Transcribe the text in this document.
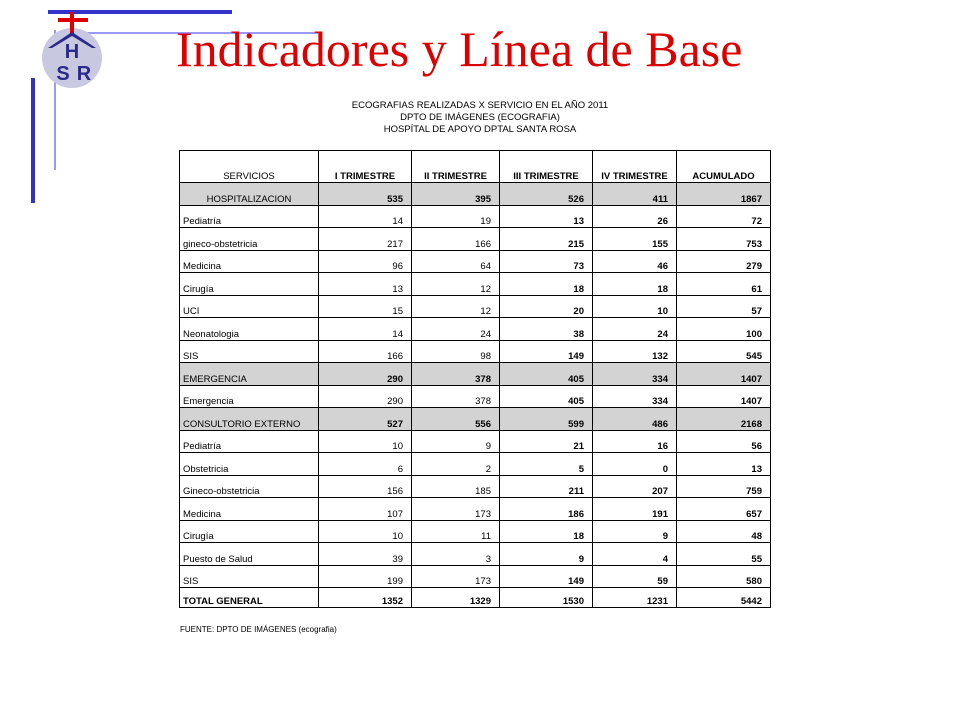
H
S R Indicadores y Línea de Base
ECOGRAFIAS REALIZADAS X SERVICIO EN EL AÑO 2011
DPTO DE IMÁGENES (ECOGRAFIA)
HOSPÍTAL DE APOYO DPTAL SANTA ROSA
SERVICIOS	I TRIMESTRE	II TRIMESTRE	III TRIMESTRE	IV TRIMESTRE	ACUMULADO
HOSPITALIZACION	535	395	526	411	1867
Pediatría	14	19	13	26	72
gineco-obstetricia	217	166	215	155	753
Medicina	96	64	73	46	279
Cirugía	13	12	18	18	61
UCI	15	12	20	10	57
Neonatologia	14	24	38	24	100
SIS	166	98	149	132	545
EMERGENCIA	290	378	405	334	1407
Emergencia	290	378	405	334	1407
CONSULTORIO EXTERNO	527	556	599	486	2168
Pediatría	10	9	21	16	56
Obstetricia	6	2	5	0	13
Gineco-obstetricia	156	185	211	207	759
Medicina	107	173	186	191	657
Cirugía	10	11	18	9	48
Puesto de Salud	39	3	9	4	55
SIS	199	173	149	59	580
TOTAL GENERAL	1352	1329	1530	1231	5442
FUENTE: DPTO DE IMÁGENES (ecografia)
